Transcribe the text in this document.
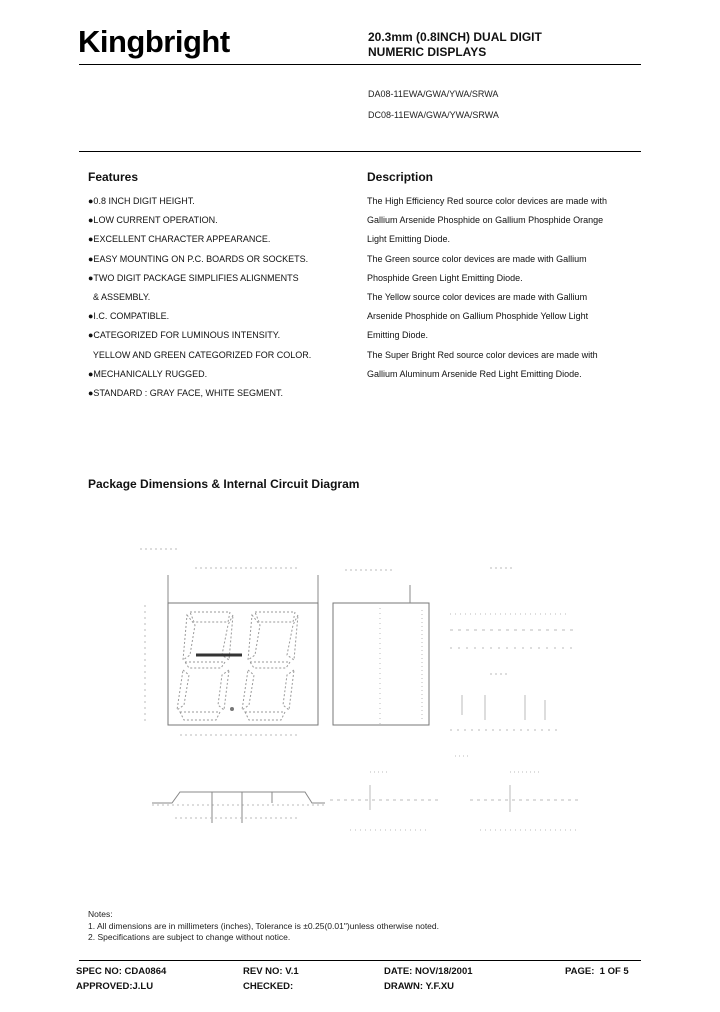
Kingbright	20.3mm (0.8INCH) DUAL DIGIT
NUMERIC DISPLAYS
DA08-11EWA/GWA/YWA/SRWA
DC08-11EWA/GWA/YWA/SRWA
Features
●0.8 INCH DIGIT HEIGHT.
●LOW CURRENT OPERATION.
●EXCELLENT CHARACTER APPEARANCE.
●EASY MOUNTING ON P.C. BOARDS OR SOCKETS.
●TWO DIGIT PACKAGE SIMPLIFIES ALIGNMENTS
& ASSEMBLY.
●I.C. COMPATIBLE.
●CATEGORIZED FOR LUMINOUS INTENSITY.
YELLOW AND GREEN CATEGORIZED FOR COLOR.
●MECHANICALLY RUGGED.
●STANDARD : GRAY FACE, WHITE SEGMENT.
Description
The High Efficiency Red source color devices are made with
Gallium Arsenide Phosphide on Gallium Phosphide Orange
Light Emitting Diode.
The Green source color devices are made with Gallium
Phosphide Green Light Emitting Diode.
The Yellow source color devices are made with Gallium
Arsenide Phosphide on Gallium Phosphide Yellow Light
Emitting Diode.
The Super Bright Red source color devices are made with
Gallium Aluminum Arsenide Red Light Emitting Diode.
Package Dimensions & Internal Circuit Diagram
Notes:
1. All dimensions are in millimeters (inches), Tolerance is ±0.25(0.01")unless otherwise noted.
2. Specifications are subject to change without notice.
SPEC NO: CDA0864	REV NO: V.1	DATE: NOV/18/2001	PAGE:  1 OF 5
APPROVED:J.LU	CHECKED:	DRAWN: Y.F.XU
